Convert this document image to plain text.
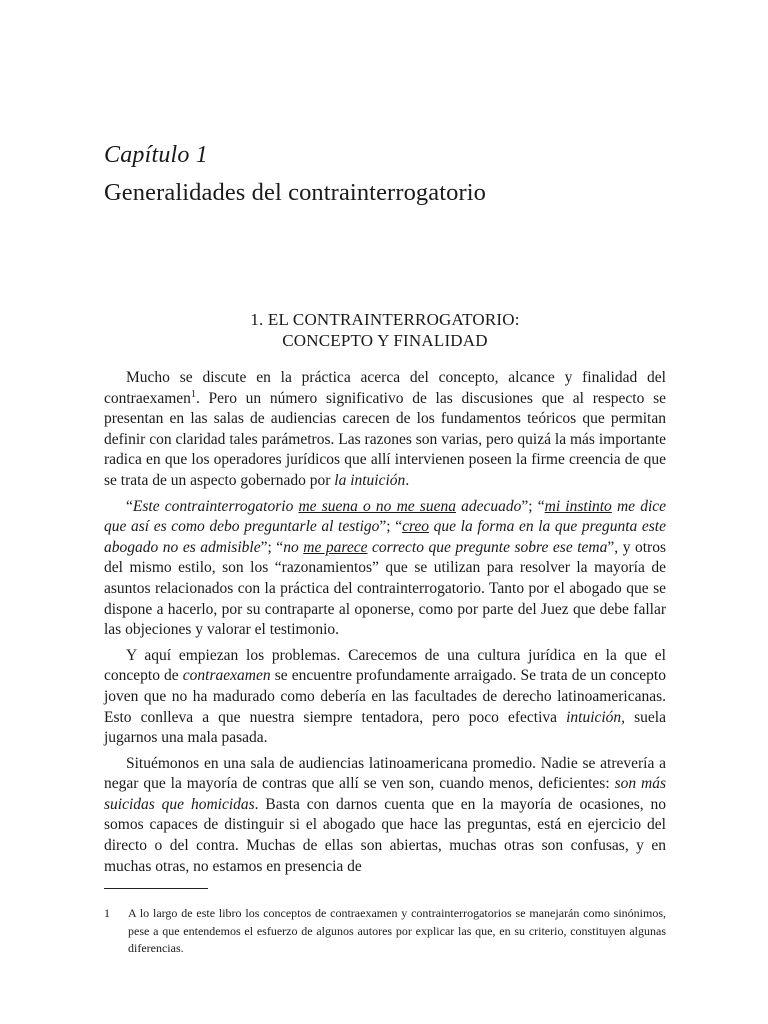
Capítulo 1
Generalidades del contrainterrogatorio
1. EL CONTRAINTERROGATORIO:
CONCEPTO Y FINALIDAD

Mucho se discute en la práctica acerca del concepto, alcance y finalidad del contraexamen$^1$. Pero un número significativo de las discusiones que al respecto se presentan en las salas de audiencias carecen de los fundamentos teóricos que permitan definir con claridad tales parámetros. Las razones son varias, pero quizá la más importante radica en que los operadores jurídicos que allí intervienen poseen la firme creencia de que se trata de un aspecto gobernado por la intuición.

“Este contrainterrogatorio me suena o no me suena adecuado”; “mi instinto me dice que así es como debo preguntarle al testigo”; “creo que la forma en la que pregunta este abogado no es admisible”; “no me parece correcto que pregunte sobre ese tema”, y otros del mismo estilo, son los “razonamientos” que se utilizan para resolver la mayoría de asuntos relacionados con la práctica del contrainterrogatorio. Tanto por el abogado que se dispone a hacerlo, por su contraparte al oponerse, como por parte del Juez que debe fallar las objeciones y valorar el testimonio.

Y aquí empiezan los problemas. Carecemos de una cultura jurídica en la que el concepto de contraexamen se encuentre profundamente arraigado. Se trata de un concepto joven que no ha madurado como debería en las facultades de derecho latinoamericanas. Esto conlleva a que nuestra siempre tentadora, pero poco efectiva intuición, suela jugarnos una mala pasada.

Situémonos en una sala de audiencias latinoamericana promedio. Nadie se atrevería a negar que la mayoría de contras que allí se ven son, cuando menos, deficientes: son más suicidas que homicidas. Basta con darnos cuenta que en la mayoría de ocasiones, no somos capaces de distinguir si el abogado que hace las preguntas, está en ejercicio del directo o del contra. Muchas de ellas son abiertas, muchas otras son confusas, y en muchas otras, no estamos en presencia de

1 A lo largo de este libro los conceptos de contraexamen y contrainterrogatorios se manejarán como sinónimos, pese a que entendemos el esfuerzo de algunos autores por explicar las que, en su criterio, constituyen algunas diferencias.
